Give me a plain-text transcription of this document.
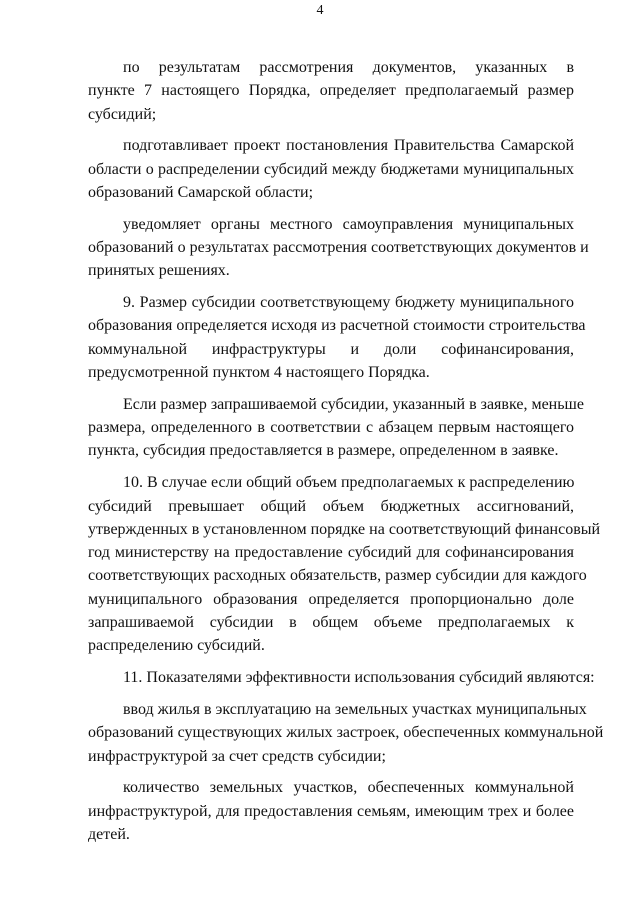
4
по результатам рассмотрения документов, указанных в
пункте 7 настоящего Порядка, определяет предполагаемый размер
субсидий;
подготавливает проект постановления Правительства Самарской
области о распределении субсидий между бюджетами муниципальных
образований Самарской области;
уведомляет органы местного самоуправления муниципальных
образований о результатах рассмотрения соответствующих документов и
принятых решениях.
9. Размер субсидии соответствующему бюджету муниципального
образования определяется исходя из расчетной стоимости строительства
коммунальной инфраструктуры и доли софинансирования,
предусмотренной пунктом 4 настоящего Порядка.
Если размер запрашиваемой субсидии, указанный в заявке, меньше
размера, определенного в соответствии с абзацем первым настоящего
пункта, субсидия предоставляется в размере, определенном в заявке.
10. В случае если общий объем предполагаемых к распределению
субсидий превышает общий объем бюджетных ассигнований,
утвержденных в установленном порядке на соответствующий финансовый
год министерству на предоставление субсидий для софинансирования
соответствующих расходных обязательств, размер субсидии для каждого
муниципального образования определяется пропорционально доле
запрашиваемой субсидии в общем объеме предполагаемых к
распределению субсидий.
11. Показателями эффективности использования субсидий являются:
ввод жилья в эксплуатацию на земельных участках муниципальных
образований существующих жилых застроек, обеспеченных коммунальной
инфраструктурой за счет средств субсидии;
количество земельных участков, обеспеченных коммунальной
инфраструктурой, для предоставления семьям, имеющим трех и более
детей.
